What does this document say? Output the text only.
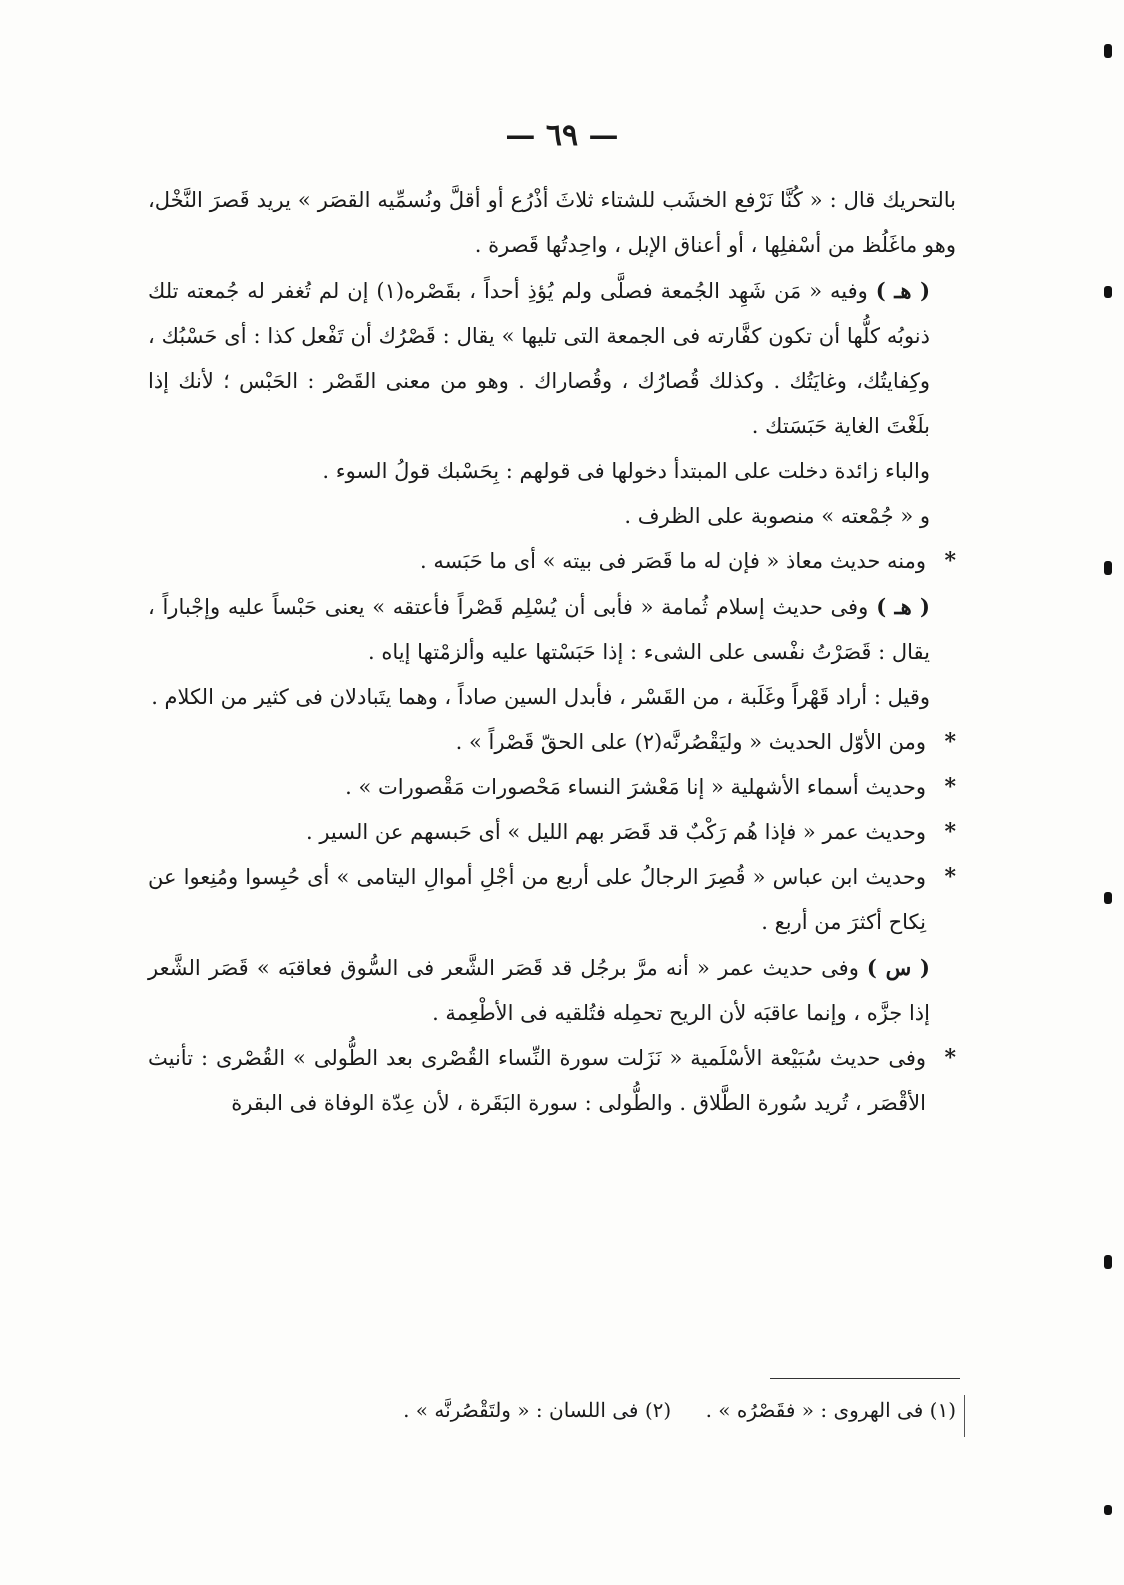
— ٦٩ —

بالتحريك قال : « كُنَّا نَرْفع الخشَب للشتاء ثلاثَ أذْرُع أو أقلَّ ونُسمِّيه القصَر » يريد قَصرَ النَّخْل، وهو ماغَلُظ من أسْفلِها ، أو أعناق الإبل ، واحِدتُها قَصرة .

( هـ )وفيه « مَن شَهِد الجُمعة فصلَّى ولم يُؤذِ أحداً ، بقَصْره(١) إن لم تُغفر له جُمعته تلك ذنوبُه كلُّها أن تكون كفَّارته فى الجمعة التى تليها » يقال : قَصْرُك أن تَفْعل كذا : أى حَسْبُك ، وكِفايتُك، وغايَتُك . وكذلك قُصارُك ، وقُصاراك . وهو من معنى القَصْر : الحَبْس ؛ لأنك إذا بلَغْتَ الغاية حَبَسَتك .

والباء زائدة دخلت على المبتدأ دخولها فى قولهم : بِحَسْبك قولُ السوء .

و « جُمْعته » منصوبة على الظرف .

* ومنه حديث معاذ « فإن له ما قَصَر فى بيته » أى ما حَبَسه .

( هـ )وفى حديث إسلام ثُمامة « فأبى أن يُسْلِم قَصْراً فأعتقه » يعنى حَبْساً عليه وإجْباراً ، يقال : قَصَرْتُ نفْسى على الشىء : إذا حَبَسْتها عليه وألزمْتها إياه .

وقيل : أراد قَهْراً وغَلَبة ، من القَسْر ، فأبدل السين صاداً ، وهما يتَبادلان فى كثير من الكلام .

* ومن الأوّل الحديث « وليَقْصُرنَّه(٢) على الحقّ قَصْراً » .

* وحديث أسماء الأشهلية « إنا مَعْشرَ النساء مَحْصورات مَقْصورات » .

* وحديث عمر « فإذا هُم رَكْبٌ قد قَصَر بهم الليل » أى حَبسهم عن السير .

* وحديث ابن عباس « قُصِرَ الرجالُ على أربع من أجْلِ أموالِ اليتامى » أى حُبِسوا ومُنِعوا عن نِكاح أكثرَ من أربع .

( س )وفى حديث عمر « أنه مرَّ برجُل قد قَصَر الشَّعر فى السُّوق فعاقبَه » قَصَر الشَّعر إذا جزَّه ، وإنما عاقبَه لأن الريح تحمِله فتُلقيه فى الأطْعِمة .

* وفى حديث سُبَيْعة الأسْلَمية « نَزَلت سورة النِّساء القُصْرى بعد الطُّولى » القُصْرى : تأنيث الأقْصَر ، تُريد سُورة الطَّلاق . والطُّولى : سورة البَقَرة ، لأن عِدّة الوفاة فى البقرة

(١) فى الهروى : « فقَصْرُه » . (٢) فى اللسان : « ولتَقْصُرنَّه » .
